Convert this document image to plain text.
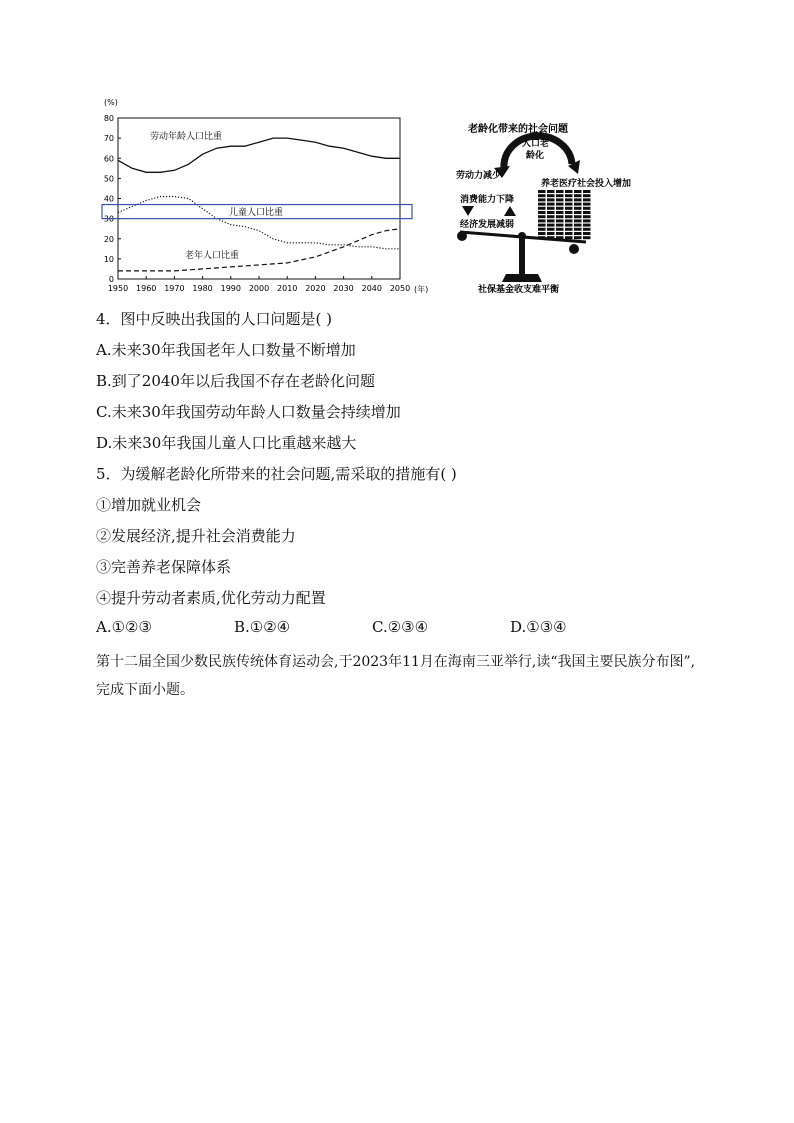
(%)
0
10
20
30
40
50
60
70
80
1950 1960 1970 1980 1990 2000 2010 2020 2030 2040 2050
劳动年龄人口比重
儿童人口比重
老年人口比重
(年)
老龄化带来的社会问题
人口老
龄化
劳动力减少
消费能力下降
经济发展减弱
养老医疗社会投入增加
社保基金收支难平衡
4．图中反映出我国的人口问题是( )
A.未来30年我国老年人口数量不断增加
B.到了2040年以后我国不存在老龄化问题
C.未来30年我国劳动年龄人口数量会持续增加
D.未来30年我国儿童人口比重越来越大
5．为缓解老龄化所带来的社会问题,需采取的措施有( )
①增加就业机会
②发展经济,提升社会消费能力
③完善养老保障体系
④提升劳动者素质,优化劳动力配置
A.①②③	B.①②④	C.②③④	D.①③④
第十二届全国少数民族传统体育运动会,于2023年11月在海南三亚举行,读“我国主要民族分布图”,完成下面小题。
